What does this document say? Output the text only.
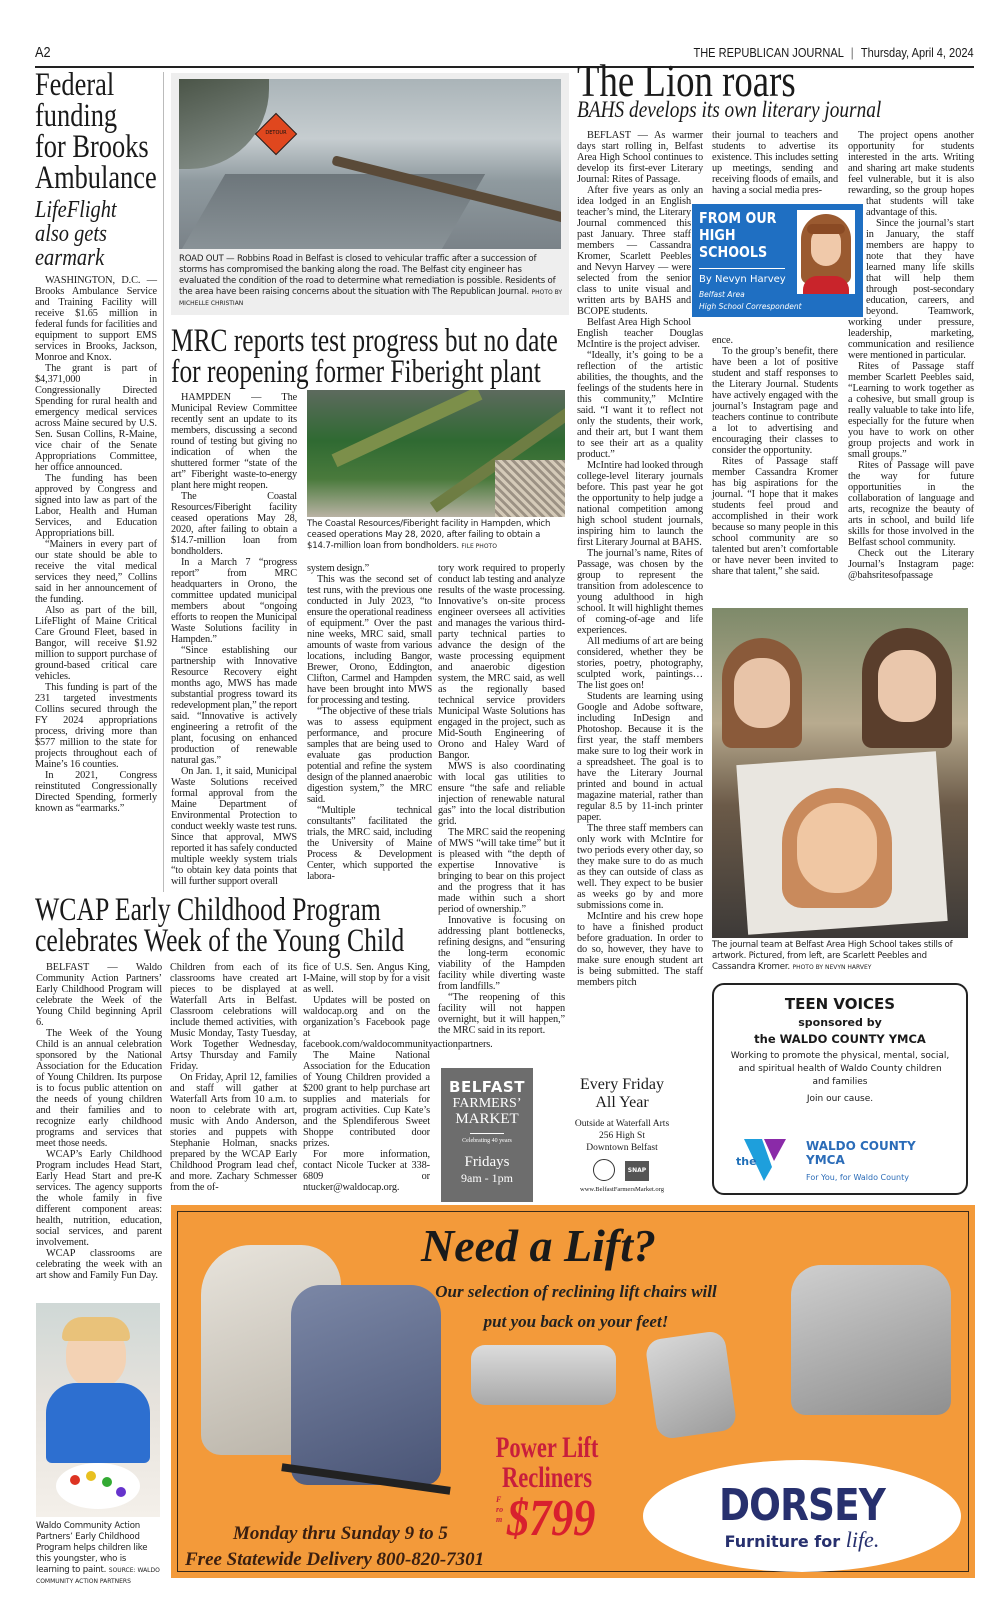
A2	THE REPUBLICAN JOURNAL | Thursday, April 4, 2024
Federal
funding
for Brooks
Ambulance
LifeFlight
also gets
earmark

WASHINGTON, D.C. — Brooks Ambulance Service and Training Facility will receive $1.65 million in federal funds for facilities and equipment to support EMS services in Brooks, Jackson, Monroe and Knox.

The grant is part of $4,371,000 in Congressionally Directed Spending for rural health and emergency medical services across Maine secured by U.S. Sen. Susan Collins, R-Maine, vice chair of the Senate Appropriations Committee, her office announced.

The funding has been approved by Congress and signed into law as part of the Labor, Health and Human Services, and Education Appropriations bill.

“Mainers in every part of our state should be able to receive the vital medical services they need,” Collins said in her announcement of the funding.

Also as part of the bill, LifeFlight of Maine Critical Care Ground Fleet, based in Bangor, will receive $1.92 million to support purchase of ground-based critical care vehicles.

This funding is part of the 231 targeted investments Collins secured through the FY 2024 appropriations process, driving more than $577 million to the state for projects throughout each of Maine’s 16 counties.

In 2021, Congress reinstituted Congressionally Directed Spending, formerly known as “earmarks.”

DETOUR
ROAD OUT — Robbins Road in Belfast is closed to vehicular traffic after a succession of storms has compromised the banking along the road. The Belfast city engineer has evaluated the condition of the road to determine what remediation is possible. Residents of the area have been raising concerns about the situation with The Republican Journal. PHOTO BY MICHELLE CHRISTIAN
MRC reports test progress but no date
for reopening former Fiberight plant

HAMPDEN — The Municipal Review Committee recently sent an update to its members, discussing a second round of testing but giving no indication of when the shuttered former “state of the art” Fiberight waste-to-energy plant here might reopen.

The Coastal Resources/Fiberight facility ceased operations May 28, 2020, after failing to obtain a $14.7-million loan from bondholders.

In a March 7 “progress report” from MRC headquarters in Orono, the committee updated municipal members about “ongoing efforts to reopen the Municipal Waste Solutions facility in Hampden.”

“Since establishing our partnership with Innovative Resource Recovery eight months ago, MWS has made substantial progress toward its redevelopment plan,” the report said. “Innovative is actively engineering a retrofit of the plant, focusing on enhanced production of renewable natural gas.”

On Jan. 1, it said, Municipal Waste Solutions received formal approval from the Maine Department of Environmental Protection to conduct weekly waste test runs. Since that approval, MWS reported it has safely conducted multiple weekly system trials “to obtain key data points that will further support overall

The Coastal Resources/Fiberight facility in Hampden, which ceased operations May 28, 2020, after failing to obtain a $14.7-million loan from bondholders. FILE PHOTO

system design.”

This was the second set of test runs, with the previous one conducted in July 2023, “to ensure the operational readiness of equipment.” Over the past nine weeks, MRC said, small amounts of waste from various locations, including Bangor, Brewer, Orono, Eddington, Clifton, Carmel and Hampden have been brought into MWS for processing and testing.

“The objective of these trials was to assess equipment performance, and procure samples that are being used to evaluate gas production potential and refine the system design of the planned anaerobic digestion system,” the MRC said.

“Multiple technical consultants” facilitated the trials, the MRC said, including the University of Maine Process & Development Center, which supported the labora-

tory work required to properly conduct lab testing and analyze results of the waste processing. Innovative’s on-site process engineer oversees all activities and manages the various third-party technical parties to advance the design of the waste processing equipment and anaerobic digestion system, the MRC said, as well as the regionally based technical service providers Municipal Waste Solutions has engaged in the project, such as Mid-South Engineering of Orono and Haley Ward of Bangor.

MWS is also coordinating with local gas utilities to ensure “the safe and reliable injection of renewable natural gas” into the local distribution grid.

The MRC said the reopening of MWS “will take time” but it is pleased with “the depth of expertise Innovative is bringing to bear on this project and the progress that it has made within such a short period of ownership.”

Innovative is focusing on addressing plant bottlenecks, refining designs, and “ensuring the long-term economic viability of the Hampden facility while diverting waste from landfills.”

“The reopening of this facility will not happen overnight, but it will happen,” the MRC said in its report.

The Lion roars
BAHS develops its own literary journal

BEFLAST — As warmer days start rolling in, Belfast Area High School continues to develop its first-ever Literary Journal: Rites of Passage.

After five years as only an idea lodged in an English teacher’s mind, the Literary Journal commenced this past January. Three staff members — Cassandra Kromer, Scarlett Peebles and Nevyn Harvey — were selected from the senior class to unite visual and written arts by BAHS and BCOPE students.

Belfast Area High School English teacher Douglas McIntire is the project adviser.

“Ideally, it’s going to be a reflection of the artistic abilities, the thoughts, and the feelings of the students here in this community,” McIntire said. “I want it to reflect not only the students, their work, and their art, but I want them to see their art as a quality product.”

McIntire had looked through college-level literary journals before. This past year he got the opportunity to help judge a national competition among high school student journals, inspiring him to launch the first Literary Journal at BAHS.

The journal’s name, Rites of Passage, was chosen by the group to represent the transition from adolescence to young adulthood in high school. It will highlight themes of coming-of-age and life experiences.

All mediums of art are being considered, whether they be stories, poetry, photography, sculpted work, paintings… The list goes on!

Students are learning using Google and Adobe software, including InDesign and Photoshop. Because it is the first year, the staff members make sure to log their work in a spreadsheet. The goal is to have the Literary Journal printed and bound in actual magazine material, rather than regular 8.5 by 11-inch printer paper.

The three staff members can only work with McIntire for two periods every other day, so they make sure to do as much as they can outside of class as well. They expect to be busier as weeks go by and more submissions come in.

McIntire and his crew hope to have a finished product before graduation. In order to do so, however, they have to make sure enough student art is being submitted. The staff members pitch

their journal to teachers and students to advertise its existence. This includes setting up meetings, sending and receiving floods of emails, and having a social media pres-

ence.

To the group’s benefit, there have been a lot of positive student and staff responses to the Literary Journal. Students have actively engaged with the journal’s Instagram page and teachers continue to contribute a lot to advertising and encouraging their classes to consider the opportunity.

Rites of Passage staff member Cassandra Kromer has big aspirations for the journal. “I hope that it makes students feel proud and accomplished in their work because so many people in this school community are so talented but aren’t comfortable or have never been invited to share that talent,” she said.

The project opens another opportunity for students interested in the arts. Writing and sharing art make students feel vulnerable, but it is also rewarding, so the group hopes that students will take advantage of this.

Since the journal’s start in January, the staff members are happy to note that they have learned many life skills that will help them through post-secondary education, careers, and beyond. Teamwork, working under pressure, leadership, marketing, communication and resilience were mentioned in particular.

Rites of Passage staff member Scarlett Peebles said, “Learning to work together as a cohesive, but small group is really valuable to take into life, especially for the future when you have to work on other group projects and work in small groups.”

Rites of Passage will pave the way for future opportunities in the collaboration of language and arts, recognize the beauty of arts in school, and build life skills for those involved in the Belfast school community.

Check out the Literary Journal’s Instagram page: @bahsritesofpassage

FROM OUR
HIGH
SCHOOLS
By Nevyn Harvey
Belfast Area
High School Correspondent
The journal team at Belfast Area High School takes stills of artwork. Pictured, from left, are Scarlett Peebles and Cassandra Kromer. PHOTO BY NEVYN HARVEY
WCAP Early Childhood Program
celebrates Week of the Young Child

BELFAST — Waldo Community Action Partners’ Early Childhood Program will celebrate the Week of the Young Child beginning April 6.

The Week of the Young Child is an annual celebration sponsored by the National Association for the Education of Young Children. Its purpose is to focus public attention on the needs of young children and their families and to recognize early childhood programs and services that meet those needs.

WCAP’s Early Childhood Program includes Head Start, Early Head Start and pre-K services. The agency supports the whole family in five different component areas: health, nutrition, education, social services, and parent involvement.

WCAP classrooms are celebrating the week with an art show and Family Fun Day.

Children from each of its classrooms have created art pieces to be displayed at Waterfall Arts in Belfast. Classroom celebrations will include themed activities, with Music Monday, Tasty Tuesday, Work Together Wednesday, Artsy Thursday and Family Friday.

On Friday, April 12, families and staff will gather at Waterfall Arts from 10 a.m. to noon to celebrate with art, music with Ando Anderson, stories and puppets with Stephanie Holman, snacks prepared by the WCAP Early Childhood Program lead chef, and more. Zachary Schmesser from the of-

fice of U.S. Sen. Angus King, I-Maine, will stop by for a visit as well.

Updates will be posted on waldocap.org and on the organization’s Facebook page at facebook.com/waldocommunityactionpartners.

The Maine National Association for the Education of Young Children provided a $200 grant to help purchase art supplies and materials for program activities. Cup Kate’s and the Splendiferous Sweet Shoppe contributed door prizes.

For more information, contact Nicole Tucker at 338-6809 or ntucker@waldocap.org.

Waldo Community Action Partners’ Early Childhood Program helps children like this youngster, who is learning to paint. SOURCE: WALDO COMMUNITY ACTION PARTNERS
BELFAST
FARMERS’
MARKET
Celebrating 40 years
Fridays
9am - 1pm
Every Friday
All Year
Outside at Waterfall Arts
256 High St
Downtown Belfast
SNAP
www.BelfastFarmersMarket.org
TEEN VOICES
sponsored by
the WALDO COUNTY YMCA
Working to promote the physical, mental, social, and spiritual health of Waldo County children and families
Join our cause.
the
WALDO COUNTY
YMCA
For You, for Waldo County
Need a Lift?
Our selection of reclining lift chairs will
put you back on your feet!
Power Lift
Recliners
From $799
Monday thru Sunday 9 to 5
Free Statewide Delivery 800-820-7301
DORSEY
Furniture for life.
